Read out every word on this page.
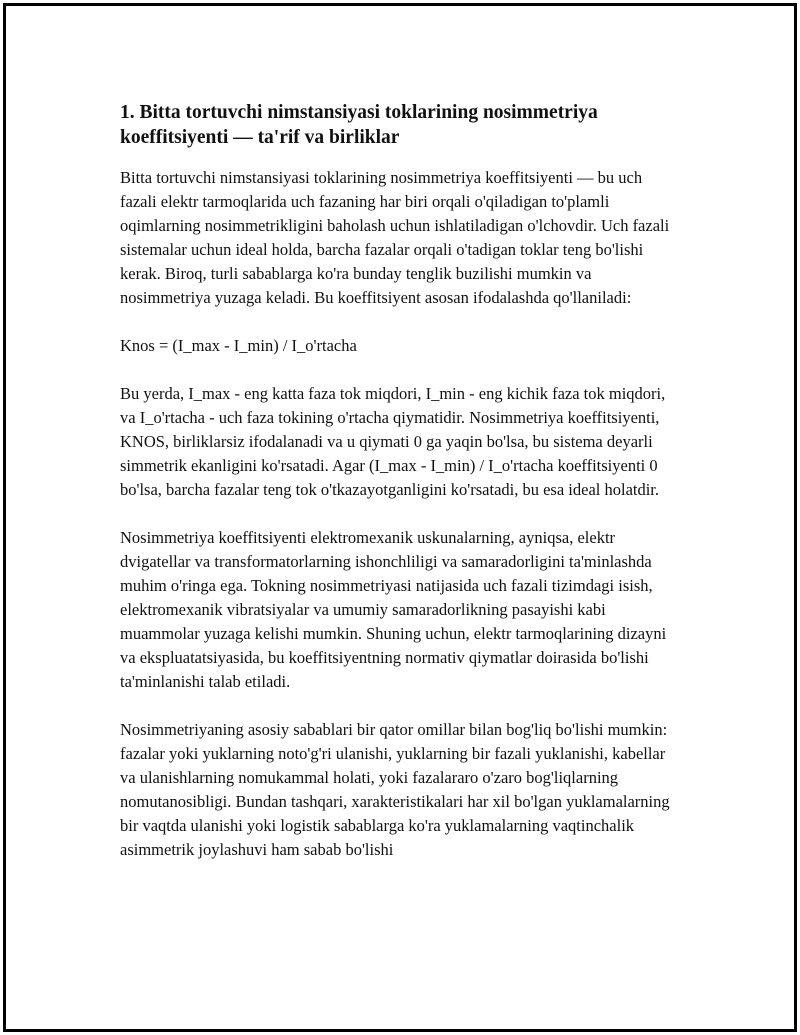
1. Bitta tortuvchi nimstansiyasi toklarining nosimmetriya koeffitsiyenti — ta'rif va birliklar

Bitta tortuvchi nimstansiyasi toklarining nosimmetriya koeffitsiyenti — bu uch fazali elektr tarmoqlarida uch fazaning har biri orqali o'qiladigan to'plamli oqimlarning nosimmetrikligini baholash uchun ishlatiladigan o'lchovdir. Uch fazali sistemalar uchun ideal holda, barcha fazalar orqali o'tadigan toklar teng bo'lishi kerak. Biroq, turli sabablarga ko'ra bunday tenglik buzilishi mumkin va nosimmetriya yuzaga keladi. Bu koeffitsiyent asosan ifodalashda qo'llaniladi:

Knos = (I_max - I_min) / I_o'rtacha

Bu yerda, I_max - eng katta faza tok miqdori, I_min - eng kichik faza tok miqdori, va I_o'rtacha - uch faza tokining o'rtacha qiymatidir. Nosimmetriya koeffitsiyenti, KNOS, birliklarsiz ifodalanadi va u qiymati 0 ga yaqin bo'lsa, bu sistema deyarli simmetrik ekanligini ko'rsatadi. Agar (I_max - I_min) / I_o'rtacha koeffitsiyenti 0 bo'lsa, barcha fazalar teng tok o'tkazayotganligini ko'rsatadi, bu esa ideal holatdir.

Nosimmetriya koeffitsiyenti elektromexanik uskunalarning, ayniqsa, elektr dvigatellar va transformatorlarning ishonchliligi va samaradorligini ta'minlashda muhim o'ringa ega. Tokning nosimmetriyasi natijasida uch fazali tizimdagi isish, elektromexanik vibratsiyalar va umumiy samaradorlikning pasayishi kabi muammolar yuzaga kelishi mumkin. Shuning uchun, elektr tarmoqlarining dizayni va ekspluatatsiyasida, bu koeffitsiyentning normativ qiymatlar doirasida bo'lishi ta'minlanishi talab etiladi.

Nosimmetriyaning asosiy sabablari bir qator omillar bilan bog'liq bo'lishi mumkin: fazalar yoki yuklarning noto'g'ri ulanishi, yuklarning bir fazali yuklanishi, kabellar va ulanishlarning nomukammal holati, yoki fazalararo o'zaro bog'liqlarning nomutanosibligi. Bundan tashqari, xarakteristikalari har xil bo'lgan yuklamalarning bir vaqtda ulanishi yoki logistik sabablarga ko'ra yuklamalarning vaqtinchalik asimmetrik joylashuvi ham sabab bo'lishi
